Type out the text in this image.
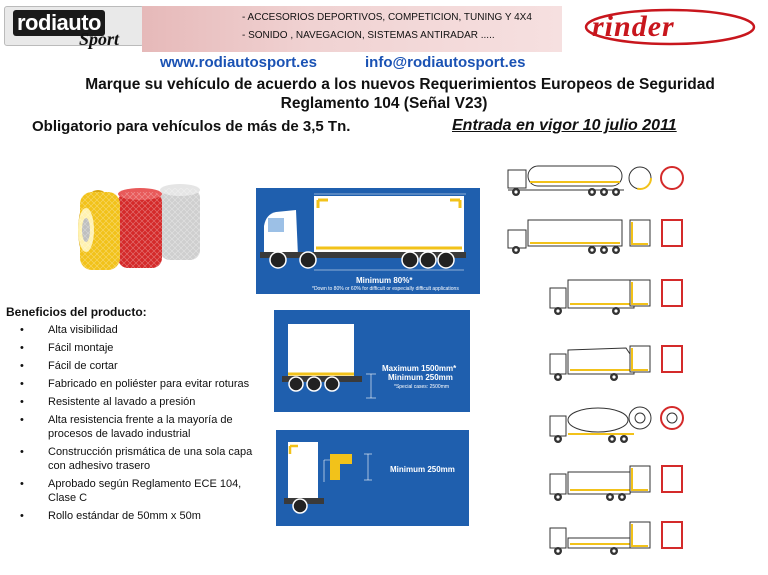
rodiauto
Sport
- ACCESORIOS DEPORTIVOS, COMPETICION, TUNING Y 4X4
- SONIDO , NAVEGACION, SISTEMAS ANTIRADAR .....	rinder
www.rodiautosport.es	info@rodiautosport.es
Marque su vehículo de acuerdo a los nuevos Requerimientos Europeos de Seguridad
Reglamento 104 (Señal V23)
Obligatorio para vehículos de más de 3,5 Tn.	Entrada en vigor 10 julio 2011
Beneficios del producto:
• Alta visibilidad
• Fácil montaje
• Fácil de cortar
• Fabricado en poliéster para evitar roturas
• Resistente al lavado a presión
• Alta resistencia frente a la mayoría de procesos de lavado industrial
• Construcción prismática de una sola capa con adhesivo trasero
• Aprobado según Reglamento ECE 104, Clase C
• Rollo estándar de 50mm x 50m
Minimum 80%*
*Down to 80% or 60% for difficult or especially difficult applications
Maximum 1500mm*
Minimum 250mm
*Special cases: 2500mm
Minimum 250mm
